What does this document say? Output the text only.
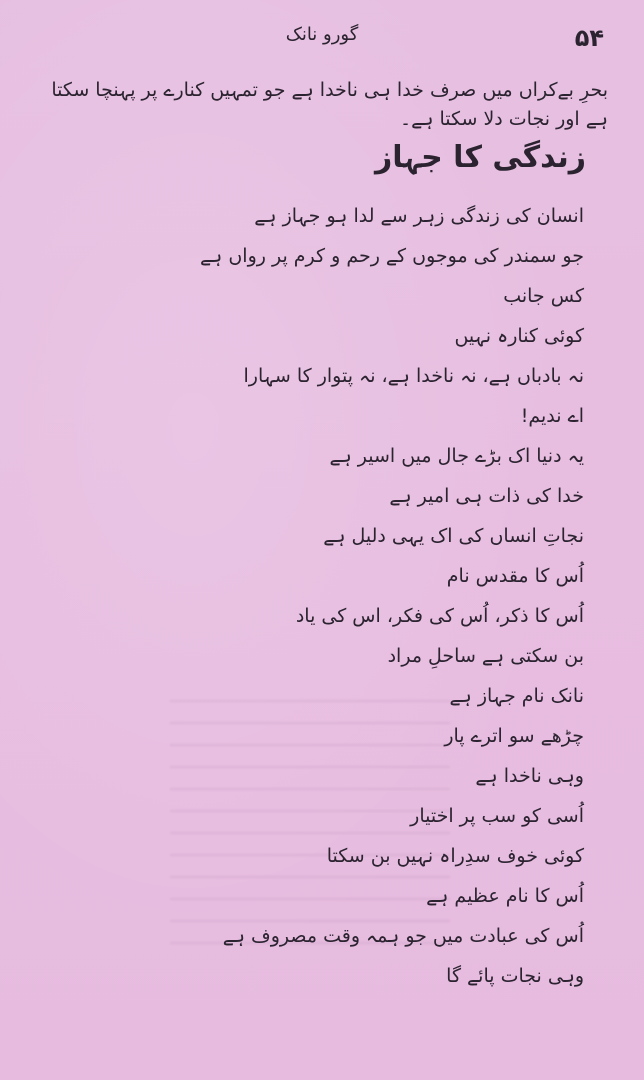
گورو نانک	۵۴
بحرِ بےکراں میں صرف خدا ہی ناخدا ہے جو تمہیں کنارے پر پہنچا سکتا ہے اور نجات دلا سکتا ہے۔
زندگی کا جہاز
انسان کی زندگی زہر سے لدا ہو جہاز ہے
جو سمندر کی موجوں کے رحم و کرم پر رواں ہے
کس جانب
کوئی کنارہ نہیں
نہ بادباں ہے، نہ ناخدا ہے، نہ پتوار کا سہارا
اے ندیم!
یہ دنیا اک بڑے جال میں اسیر ہے
خدا کی ذات ہی امیر ہے
نجاتِ انساں کی اک یہی دلیل ہے
اُس کا مقدس نام
اُس کا ذکر، اُس کی فکر، اس کی یاد
بن سکتی ہے ساحلِ مراد
نانک نام جہاز ہے
چڑھے سو اترے پار
وہی ناخدا ہے
اُسی کو سب پر اختیار
کوئی خوف سدِراہ نہیں بن سکتا
اُس کا نام عظیم ہے
اُس کی عبادت میں جو ہمہ وقت مصروف ہے
وہی نجات پائے گا
